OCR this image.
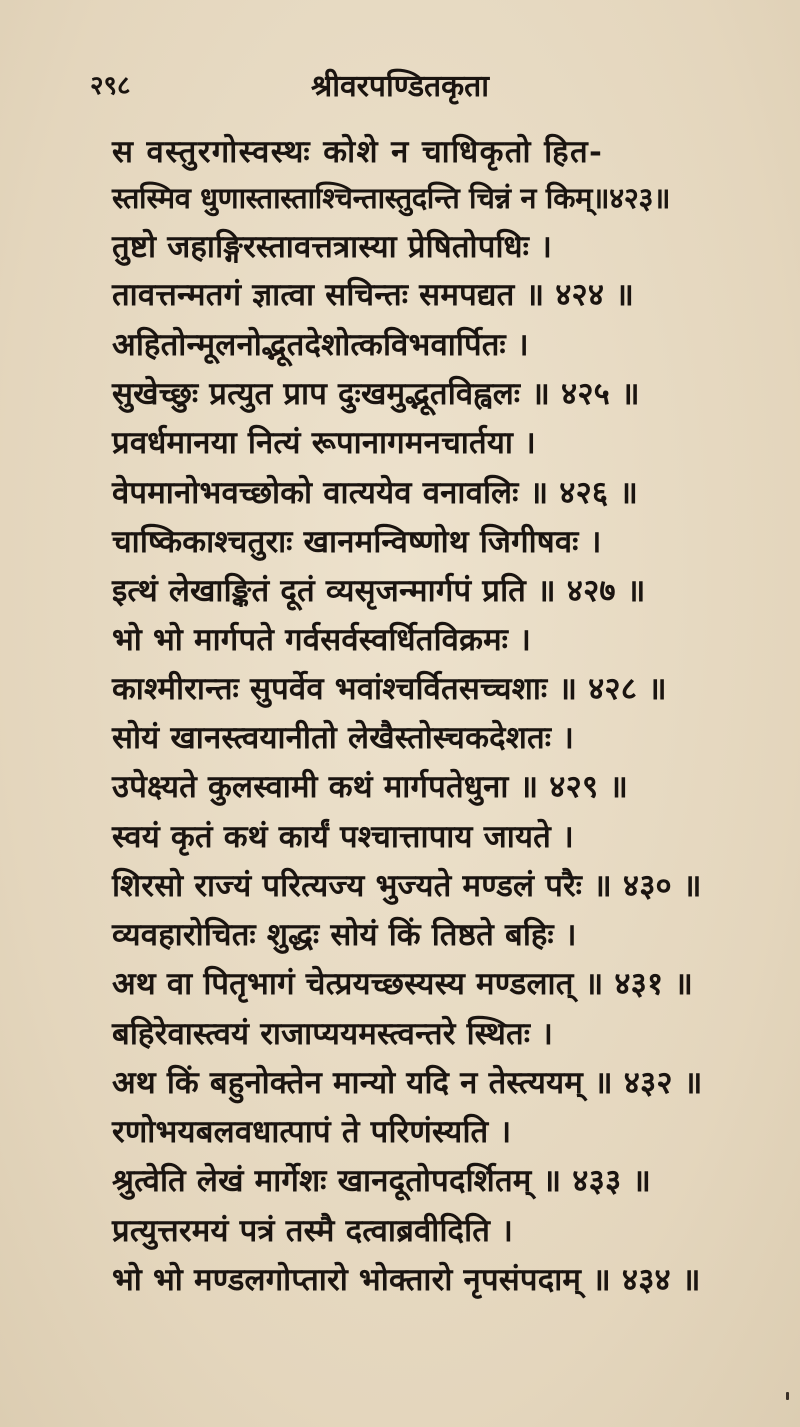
२९८	श्रीवरपण्डितकृता
स वस्तुरगोस्वस्थः कोशे न चाधिकृतो हित-
स्तस्मिव धुणास्तास्ताश्चिन्तास्तुदन्ति चिन्नं न किम्॥४२३॥
तुष्टो जहाङ्गिरस्तावत्तत्रास्या प्रेषितोपधिः ।
तावत्तन्मतगं ज्ञात्वा सचिन्तः समपद्यत ॥ ४२४ ॥
अहितोन्मूलनोद्भूतदेशोत्कविभवार्पितः ।
सुखेच्छुः प्रत्युत प्राप दुःखमुद्भूतविह्वलः ॥ ४२५ ॥
प्रवर्धमानया नित्यं रूपानागमनचार्तया ।
वेपमानोभवच्छोको वात्ययेव वनावलिः ॥ ४२६ ॥
चाष्किकाश्चतुराः खानमन्विष्णोथ जिगीषवः ।
इत्थं लेखाङ्कितं दूतं व्यसृजन्मार्गपं प्रति ॥ ४२७ ॥
भो भो मार्गपते गर्वसर्वस्वर्धितविक्रमः ।
काश्मीरान्तः सुपर्वेव भवांश्चर्वितसच्चशाः ॥ ४२८ ॥
सोयं खानस्त्वयानीतो लेखैस्तोस्चकदेशतः ।
उपेक्ष्यते कुलस्वामी कथं मार्गपतेधुना ॥ ४२९ ॥
स्वयं कृतं कथं कार्यं पश्चात्तापाय जायते ।
शिरसो राज्यं परित्यज्य भुज्यते मण्डलं परैः ॥ ४३० ॥
व्यवहारोचितः शुद्धः सोयं किं तिष्ठते बहिः ।
अथ वा पितृभागं चेत्प्रयच्छस्यस्य मण्डलात् ॥ ४३१ ॥
बहिरेवास्त्वयं राजाप्ययमस्त्वन्तरे स्थितः ।
अथ किं बहुनोक्तेन मान्यो यदि न तेस्त्ययम् ॥ ४३२ ॥
रणोभयबलवधात्पापं ते परिणंस्यति ।
श्रुत्वेति लेखं मार्गेशः खानदूतोपदर्शितम् ॥ ४३३ ॥
प्रत्युत्तरमयं पत्रं तस्मै दत्वाब्रवीदिति ।
भो भो मण्डलगोप्तारो भोक्तारो नृपसंपदाम् ॥ ४३४ ॥
